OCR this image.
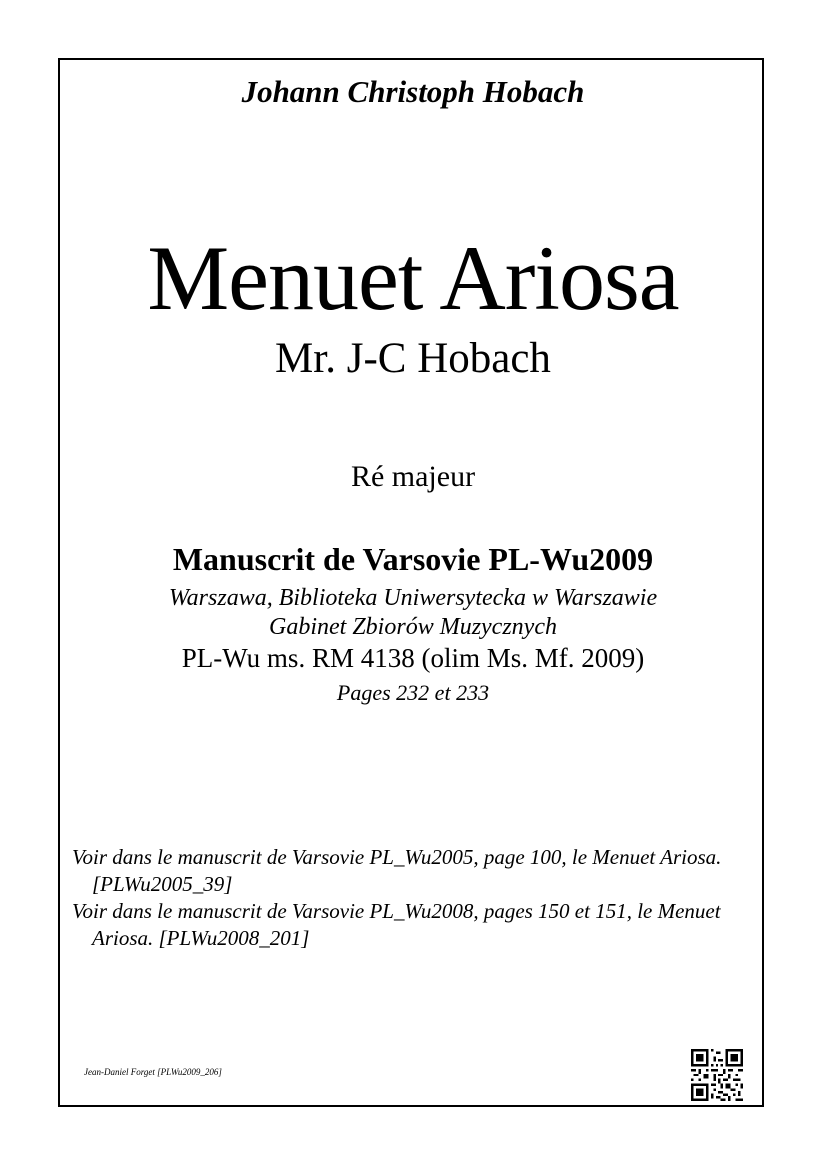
Johann Christoph Hobach
Menuet Ariosa
Mr. J-C Hobach
Ré majeur
Manuscrit de Varsovie PL-Wu2009
Warszawa, Biblioteka Uniwersytecka w Warszawie
Gabinet Zbiorów Muzycznych
PL-Wu ms. RM 4138 (olim Ms. Mf. 2009)
Pages 232 et 233

Voir dans le manuscrit de Varsovie PL_Wu2005, page 100, le Menuet Ariosa. [PLWu2005_39]

Voir dans le manuscrit de Varsovie PL_Wu2008, pages 150 et 151, le Menuet Ariosa. [PLWu2008_201]

Jean-Daniel Forget [PLWu2009_206]
